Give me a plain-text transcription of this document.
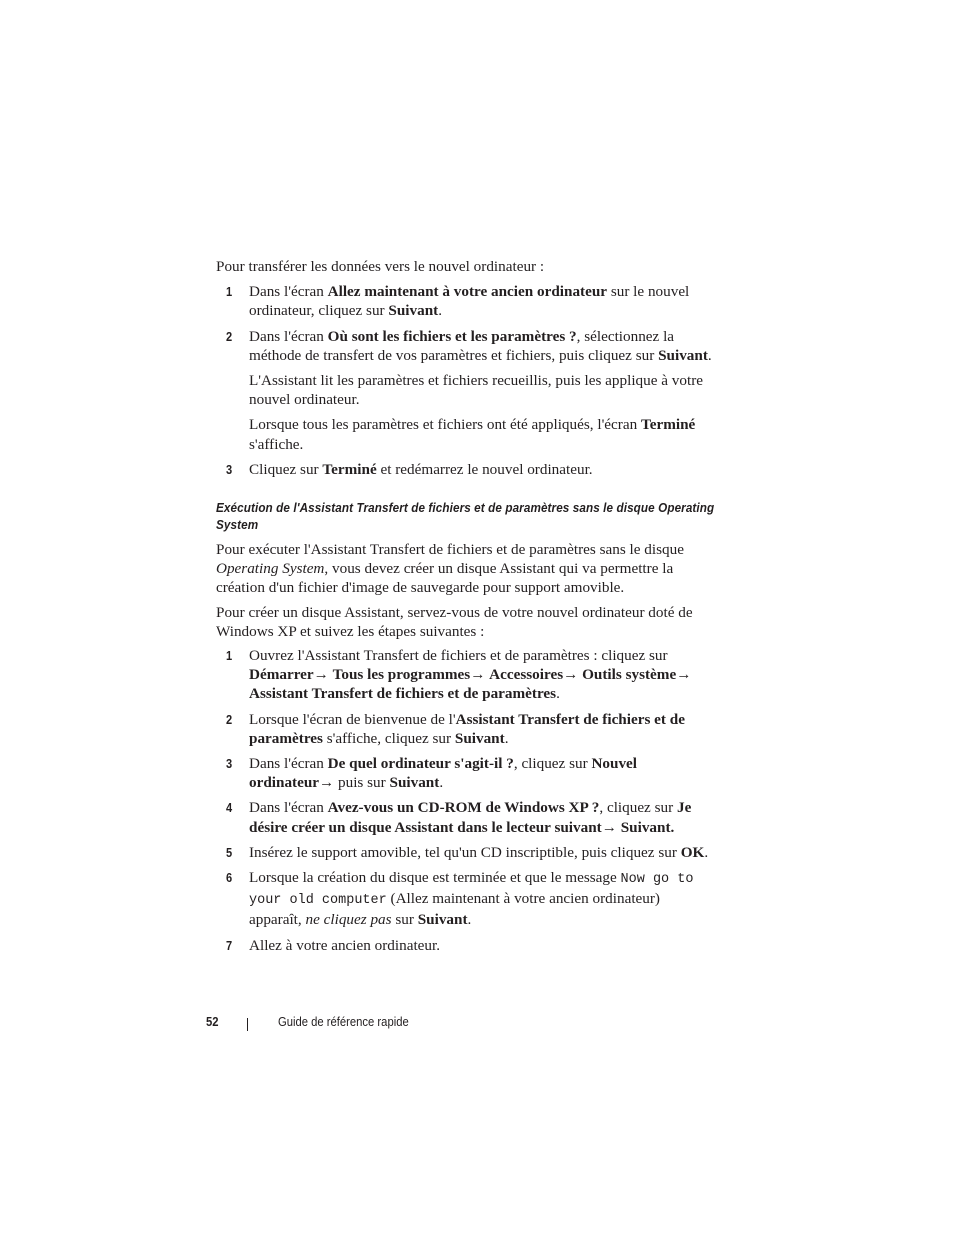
Pour transférer les données vers le nouvel ordinateur :

1 Dans l'écran Allez maintenant à votre ancien ordinateur sur le nouvel ordinateur, cliquez sur Suivant.

2 Dans l'écran Où sont les fichiers et les paramètres ?, sélectionnez la méthode de transfert de vos paramètres et fichiers, puis cliquez sur Suivant.

L'Assistant lit les paramètres et fichiers recueillis, puis les applique à votre nouvel ordinateur.

Lorsque tous les paramètres et fichiers ont été appliqués, l'écran Terminé s'affiche.

3 Cliquez sur Terminé et redémarrez le nouvel ordinateur.

Exécution de l'Assistant Transfert de fichiers et de paramètres sans le disque Operating System

Pour exécuter l'Assistant Transfert de fichiers et de paramètres sans le disque Operating System, vous devez créer un disque Assistant qui va permettre la création d'un fichier d'image de sauvegarde pour support amovible.

Pour créer un disque Assistant, servez-vous de votre nouvel ordinateur doté de Windows XP et suivez les étapes suivantes :

1 Ouvrez l'Assistant Transfert de fichiers et de paramètres : cliquez sur Démarrer→ Tous les programmes→ Accessoires→ Outils système→ Assistant Transfert de fichiers et de paramètres.

2 Lorsque l'écran de bienvenue de l'Assistant Transfert de fichiers et de paramètres s'affiche, cliquez sur Suivant.

3 Dans l'écran De quel ordinateur s'agit-il ?, cliquez sur Nouvel ordinateur→ puis sur Suivant.

4 Dans l'écran Avez-vous un CD-ROM de Windows XP ?, cliquez sur Je désire créer un disque Assistant dans le lecteur suivant→ Suivant.

5 Insérez le support amovible, tel qu'un CD inscriptible, puis cliquez sur OK.

6 Lorsque la création du disque est terminée et que le message Now go to your old computer (Allez maintenant à votre ancien ordinateur) apparaît, ne cliquez pas sur Suivant.

7 Allez à votre ancien ordinateur.

52	Guide de référence rapide
